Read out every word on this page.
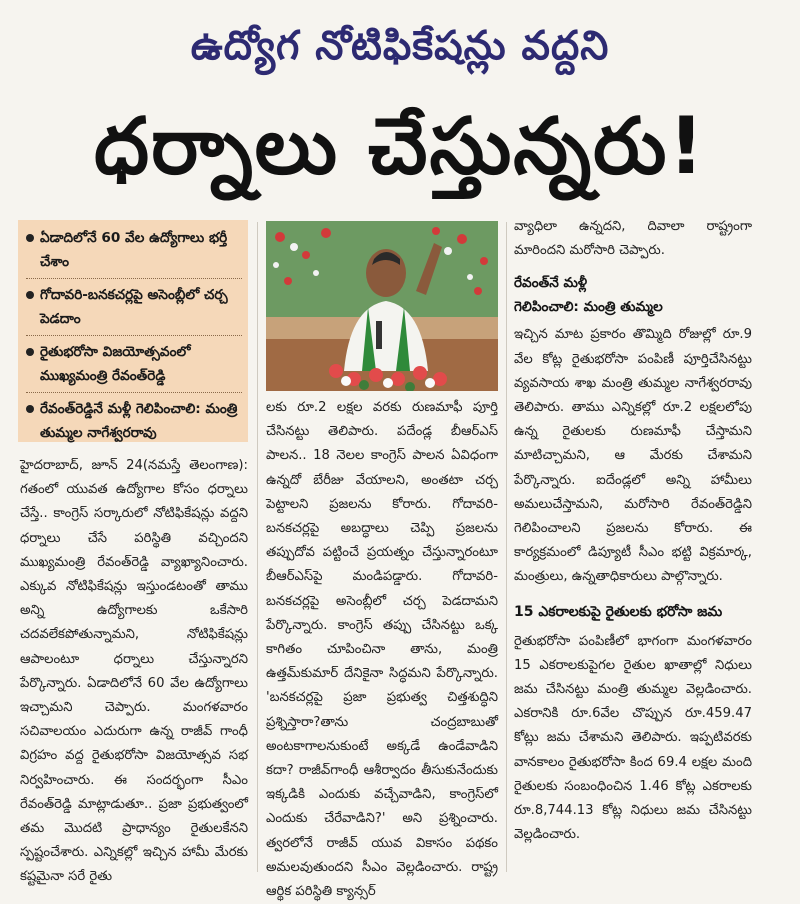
ఉద్యోగ నోటిఫికేషన్లు వద్దని
ధర్నాలు చేస్తున్నరు!
ఏడాదిలోనే 60 వేల ఉద్యోగాలు భర్తీ చేశాం
గోదావరి-బనకచర్లపై అసెంబ్లీలో చర్చ పెడదాం
రైతుభరోసా విజయోత్సవంలో ముఖ్యమంత్రి రేవంత్‌రెడ్డి
రేవంత్‌రెడ్డినే మళ్లీ గెలిపించాలి: మంత్రి తుమ్మల నాగేశ్వరరావు

హైదరాబాద్, జూన్ 24(నమస్తే తెలంగాణ): గతంలో యువత ఉద్యోగాల కోసం ధర్నాలు చేస్తే.. కాంగ్రెస్ సర్కారులో నోటిఫికేషన్లు వద్దని ధర్నాలు చేసే పరిస్థితి వచ్చిందని ముఖ్యమంత్రి రేవంత్‌రెడ్డి వ్యాఖ్యానించారు. ఎక్కువ నోటిఫికేషన్లు ఇస్తుండటంతో తాము అన్ని ఉద్యోగాలకు ఒకేసారి చదవలేకపోతున్నామని, నోటిఫికేషన్లు ఆపాలంటూ ధర్నాలు చేస్తున్నారని పేర్కొన్నారు. ఏడాదిలోనే 60 వేల ఉద్యోగాలు ఇచ్చామని చెప్పారు. మంగళవారం సచివాలయం ఎదురుగా ఉన్న రాజీవ్ గాంధీ విగ్రహం వద్ద రైతుభరోసా విజయోత్సవ సభ నిర్వహించారు. ఈ సందర్భంగా సీఎం రేవంత్‌రెడ్డి మాట్లాడుతూ.. ప్రజా ప్రభుత్వంలో తమ మొదటి ప్రాధాన్యం రైతులకేనని స్పష్టంచేశారు. ఎన్నికల్లో ఇచ్చిన హామీ మేరకు కష్టమైనా సరే రైతు

లకు రూ.2 లక్షల వరకు రుణమాఫీ పూర్తి చేసినట్టు తెలిపారు. పదేండ్ల బీఆర్‌ఎస్ పాలన.. 18 నెలల కాంగ్రెస్ పాలన ఏవిధంగా ఉన్నదో బేరీజు వేయాలని, అంతటా చర్చ పెట్టాలని ప్రజలను కోరారు. గోదావరి-బనకచర్లపై అబద్ధాలు చెప్పి ప్రజలను తప్పుదోవ పట్టించే ప్రయత్నం చేస్తున్నారంటూ బీఆర్‌ఎస్‌పై మండిపడ్డారు. గోదావరి-బనకచర్లపై అసెంబ్లీలో చర్చ పెడదామని పేర్కొన్నారు. కాంగ్రెస్ తప్పు చేసినట్టు ఒక్క కాగితం చూపించినా తాను, మంత్రి ఉత్తమ్‌కుమార్ దేనికైనా సిద్ధమని పేర్కొన్నారు. 'బనకచర్లపై ప్రజా ప్రభుత్వ చిత్తశుద్ధిని ప్రశ్నిస్తారా?తాను చంద్రబాబుతో అంటకాగాలనుకుంటే అక్కడే ఉండేవాడిని కదా? రాజీవ్‌గాంధీ ఆశీర్వాదం తీసుకునేందుకు ఇక్కడికి ఎందుకు వచ్చేవాడిని, కాంగ్రెస్‌లో ఎందుకు చేరేవాడిని?' అని ప్రశ్నించారు. త్వరలోనే రాజీవ్ యువ వికాసం పథకం అమలవుతుందని సీఎం వెల్లడించారు. రాష్ట్ర ఆర్థిక పరిస్థితి క్యాన్సర్

వ్యాధిలా ఉన్నదని, దివాలా రాష్ట్రంగా మారిందని మరోసారి చెప్పారు.

రేవంత్‌నే మళ్లీ
గెలిపించాలి: మంత్రి తుమ్మల

ఇచ్చిన మాట ప్రకారం తొమ్మిది రోజుల్లో రూ.9 వేల కోట్ల రైతుభరోసా పంపిణీ పూర్తిచేసినట్టు వ్యవసాయ శాఖ మంత్రి తుమ్మల నాగేశ్వరరావు తెలిపారు. తాము ఎన్నికల్లో రూ.2 లక్షలలోపు ఉన్న రైతులకు రుణమాఫీ చేస్తామని మాటిచ్చామని, ఆ మేరకు చేశామని పేర్కొన్నారు. ఐదేండ్లలో అన్ని హామీలు అమలుచేస్తామని, మరోసారి రేవంత్‌రెడ్డిని గెలిపించాలని ప్రజలను కోరారు. ఈ కార్యక్రమంలో డిప్యూటీ సీఎం భట్టి విక్రమార్క, మంత్రులు, ఉన్నతాధికారులు పాల్గొన్నారు.

15 ఎకరాలకుపై రైతులకు భరోసా జమ

రైతుభరోసా పంపిణీలో భాగంగా మంగళవారం 15 ఎకరాలకుపైగల రైతుల ఖాతాల్లో నిధులు జమ చేసినట్టు మంత్రి తుమ్మల వెల్లడించారు. ఎకరానికి రూ.6వేల చొప్పున రూ.459.47 కోట్లు జమ చేశామని తెలిపారు. ఇప్పటివరకు వానకాలం రైతుభరోసా కింద 69.4 లక్షల మంది రైతులకు సంబంధించిన 1.46 కోట్ల ఎకరాలకు రూ.8,744.13 కోట్ల నిధులు జమ చేసినట్టు వెల్లడించారు.
